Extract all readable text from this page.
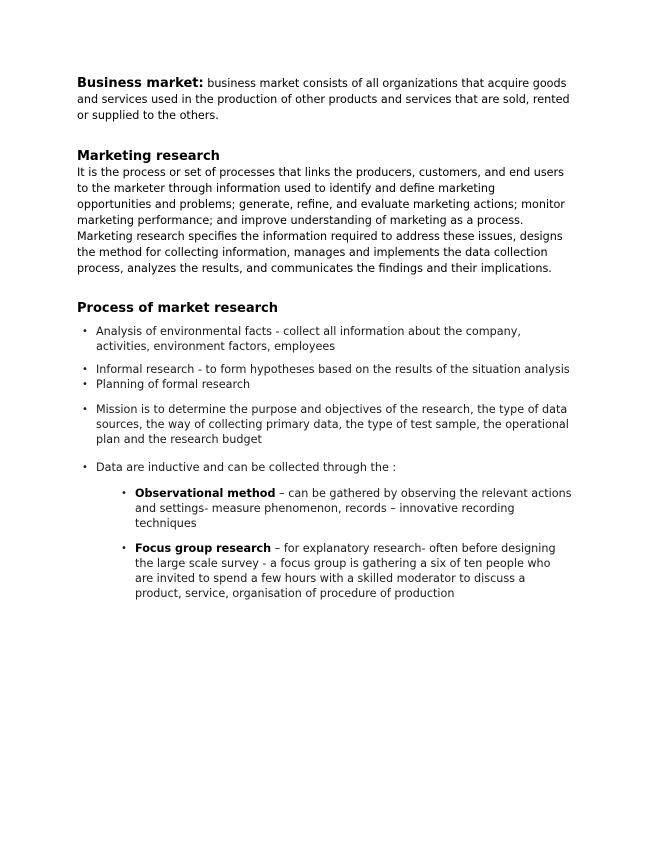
Business market: business market consists of all organizations that acquire goods and services used in the production of other products and services that are sold, rented or supplied to the others.

Marketing research

It is the process or set of processes that links the producers, customers, and end users to the marketer through information used to identify and define marketing opportunities and problems; generate, refine, and evaluate marketing actions; monitor marketing performance; and improve understanding of marketing as a process. Marketing research specifies the information required to address these issues, designs the method for collecting information, manages and implements the data collection process, analyzes the results, and communicates the findings and their implications.

Process of market research
• Analysis of environmental facts - collect all information about the company, activities, environment factors, employees
• Informal research - to form hypotheses based on the results of the situation analysis
• Planning of formal research
• Mission is to determine the purpose and objectives of the research, the type of data sources, the way of collecting primary data, the type of test sample, the operational plan and the research budget
• Data are inductive and can be collected through the :
• Observational method – can be gathered by observing the relevant actions and settings- measure phenomenon, records – innovative recording techniques
• Focus group research – for explanatory research- often before designing the large scale survey - a focus group is gathering a six of ten people who are invited to spend a few hours with a skilled moderator to discuss a product, service, organisation of procedure of production
